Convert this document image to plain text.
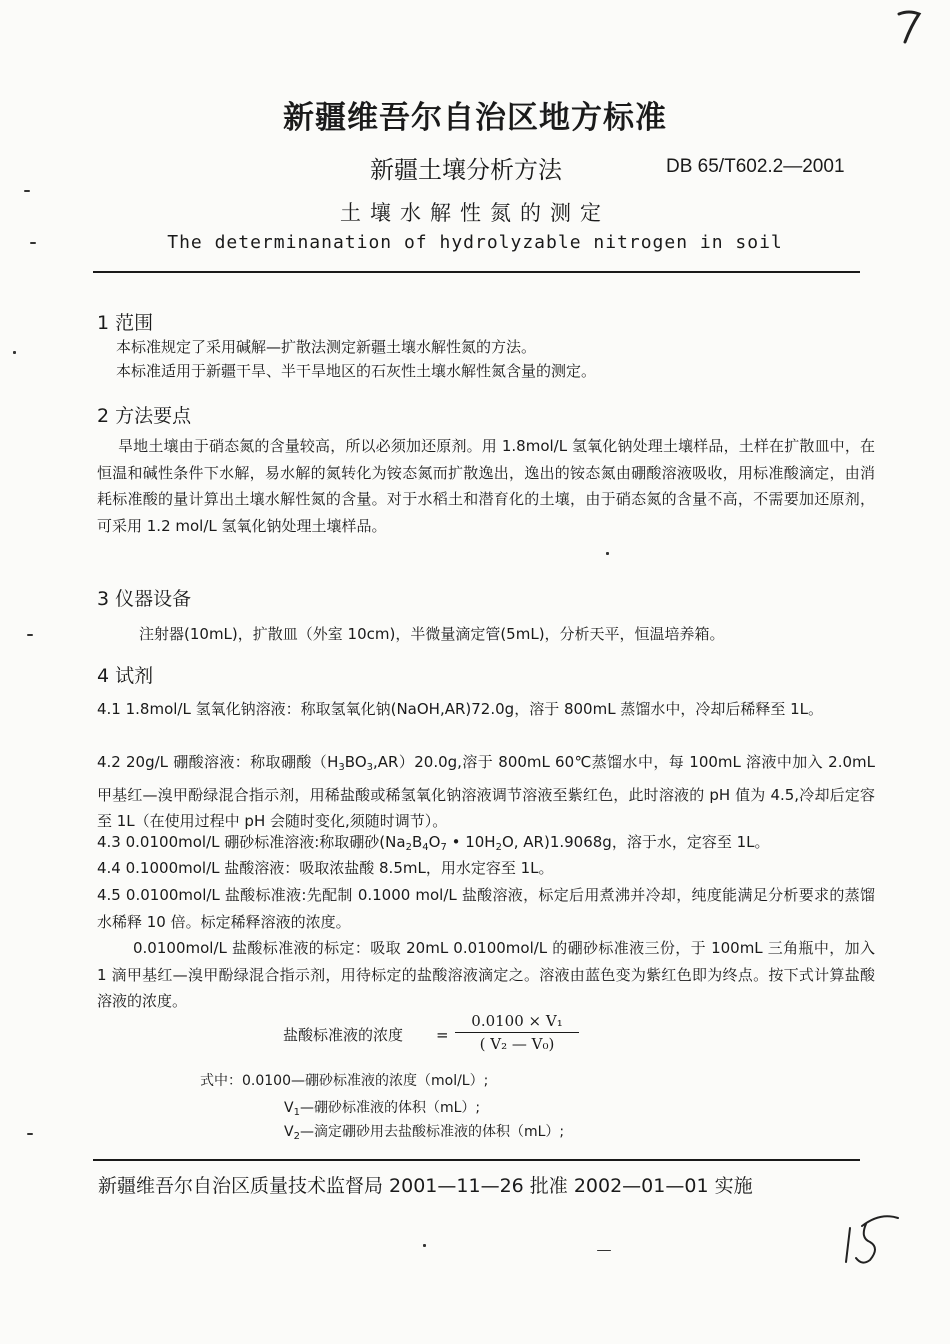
新疆维吾尔自治区地方标准
新疆土壤分析方法	DB 65/T602.2—2001
土壤水解性氮的测定
The determinanation of hydrolyzable nitrogen in soil
1 范围
本标准规定了采用碱解—扩散法测定新疆土壤水解性氮的方法。
本标准适用于新疆干旱、半干旱地区的石灰性土壤水解性氮含量的测定。
2 方法要点

旱地土壤由于硝态氮的含量较高，所以必须加还原剂。用 1.8mol/L 氢氧化钠处理土壤样品，土样在扩散皿中，在恒温和碱性条件下水解，易水解的氮转化为铵态氮而扩散逸出，逸出的铵态氮由硼酸溶液吸收，用标准酸滴定，由消耗标准酸的量计算出土壤水解性氮的含量。对于水稻土和潜育化的土壤，由于硝态氮的含量不高，不需要加还原剂，可采用 1.2 mol/L 氢氧化钠处理土壤样品。

3 仪器设备
注射器(10mL)，扩散皿（外室 10cm)，半微量滴定管(5mL)，分析天平，恒温培养箱。
4 试剂

4.1 1.8mol/L 氢氧化钠溶液：称取氢氧化钠(NaOH,AR)72.0g，溶于 800mL 蒸馏水中，冷却后稀释至 1L。

4.2 20g/L 硼酸溶液：称取硼酸$(H_3BO_3,AR)20.0g$,溶于 800mL 60℃蒸馏水中，每 100mL 溶液中加入 2.0mL 甲基红—溴甲酚绿混合指示剂，用稀盐酸或稀氢氧化钠溶液调节溶液至紫红色，此时溶液的 pH 值为 4.5,冷却后定容至 1L（在使用过程中 pH 会随时变化,须随时调节）。

4.3 0.0100mol/L 硼砂标准溶液:称取硼砂($Na_2B_4O_7$ • $10H_2O$, AR)1.9068g，溶于水，定容至 1L。

4.4 0.1000mol/L 盐酸溶液：吸取浓盐酸 8.5mL，用水定容至 1L。

4.5 0.0100mol/L 盐酸标准液:先配制 0.1000 mol/L 盐酸溶液，标定后用煮沸并冷却，纯度能满足分析要求的蒸馏水稀释 10 倍。标定稀释溶液的浓度。

0.0100mol/L 盐酸标准液的标定：吸取 20mL 0.0100mol/L 的硼砂标准液三份，于 100mL 三角瓶中，加入 1 滴甲基红—溴甲酚绿混合指示剂，用待标定的盐酸溶液滴定之。溶液由蓝色变为紫红色即为终点。按下式计算盐酸溶液的浓度。

盐酸标准液的浓度 = $\frac{\text{0.0100 × V₁}}{\text{( V₂ — V₀)}}$
式中：0.0100—硼砂标准液的浓度（mol/L）;
$V_1—$硼砂标准液的体积（mL）;
$V_2—$滴定硼砂用去盐酸标准液的体积（mL）;
新疆维吾尔自治区质量技术监督局 2001—11—26 批准 2002—01—01 实施
